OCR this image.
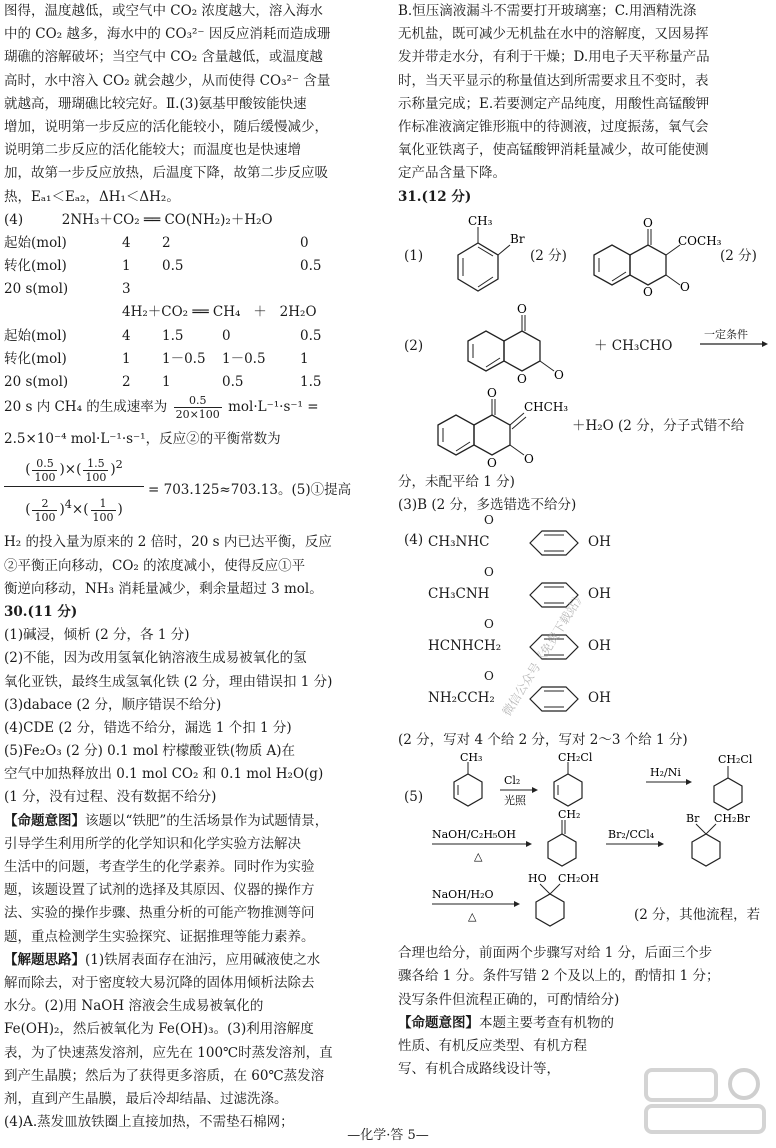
图得，温度越低，或空气中 CO₂ 浓度越大，溶入海水
中的 CO₂ 越多，海水中的 CO₃²⁻ 因反应消耗而造成珊
瑚礁的溶解破坏；当空气中 CO₂ 含量越低，或温度越
高时，水中溶入 CO₂ 就会越少，从而使得 CO₃²⁻ 含量
就越高，珊瑚礁比较完好。Ⅱ.(3)氨基甲酸铵能快速
增加，说明第一步反应的活化能较小，随后缓慢减少，
说明第二步反应的活化能较大；而温度也是快速增
加，故第一步反应放热，后温度下降，故第二步反应吸
热，Eₐ₁＜Eₐ₂，ΔH₁＜ΔH₂。
(4)         2NH₃＋CO₂ ══ CO(NH₂)₂＋H₂O
起始(mol)	4 2	0
转化(mol)	1 0.5	0.5
20 s(mol)	3
4H₂＋CO₂ ══ CH₄   ＋   2H₂O
起始(mol)	4 1.5	0	0.5
转化(mol)	1 1－0.5 1－0.5	1
20 s(mol)	2 1	0.5	1.5
20 s 内 CH₄ 的生成速率为 $\frac{0.5}{20\times 100} mol\cdot L^{-1}\cdot s^{-1}$ =
2.5×10⁻⁴ mol·L⁻¹·s⁻¹，反应②的平衡常数为
( $\frac{0.5}{100}$ )×( $\frac{1.5}{100} )^2$
( $\frac{2}{100} )^4\times( \frac{1}{100}$ )
= 703.125≈703.13。(5)①提高
H₂ 的投入量为原来的 2 倍时，20 s 内已达平衡，反应
②平衡正向移动，CO₂ 的浓度减小，使得反应①平
衡逆向移动，NH₃ 消耗量减少，剩余量超过 3 mol。
30.(11 分)
(1)碱浸，倾析 (2 分，各 1 分)
(2)不能，因为改用氢氧化钠溶液生成易被氧化的氢
氧化亚铁，最终生成氢氧化铁 (2 分，理由错误扣 1 分)
(3)dabace (2 分，顺序错误不给分)
(4)CDE (2 分，错选不给分，漏选 1 个扣 1 分)
(5)Fe₂O₃ (2 分) 0.1 mol 柠檬酸亚铁(物质 A)在
空气中加热释放出 0.1 mol CO₂ 和 0.1 mol H₂O(g)
(1 分，没有过程、没有数据不给分)
【命题意图】该题以“铁肥”的生活场景作为试题情景，
引导学生利用所学的化学知识和化学实验方法解决
生活中的问题，考查学生的化学素养。同时作为实验
题，该题设置了试剂的选择及其原因、仪器的操作方
法、实验的操作步骤、热重分析的可能产物推测等问
题，重点检测学生实验探究、证据推理等能力素养。
【解题思路】(1)铁屑表面存在油污，应用碱液使之水
解而除去，对于密度较大易沉降的固体用倾析法除去
水分。(2)用 NaOH 溶液会生成易被氧化的
Fe(OH)₂，然后被氧化为 Fe(OH)₃。(3)利用溶解度
表，为了快速蒸发溶剂，应先在 100℃时蒸发溶剂，直
到产生晶膜；然后为了获得更多溶质，在 60℃蒸发溶
剂，直到产生晶膜，最后冷却结晶、过滤洗涤。
(4)A.蒸发皿放铁圈上直接加热，不需垫石棉网；
B.恒压滴液漏斗不需要打开玻璃塞；C.用酒精洗涤
无机盐，既可减少无机盐在水中的溶解度，又因易挥
发并带走水分，有利于干燥；D.用电子天平称量产品
时，当天平显示的称量值达到所需要求且不变时，表
示称量完成；E.若要测定产品纯度，用酸性高锰酸钾
作标准液滴定锥形瓶中的待测液，过度振荡，氧气会
氧化亚铁离子，使高锰酸钾消耗量减少，故可能使测
定产品含量下降。
31.(12 分)
(1)
CH₃
Br
(2 分)
O
O
O
COCH₃
(2 分)
(2)
O
O
O
＋ CH₃CHO
一定条件
O
O
O
CHCH₃
＋H₂O (2 分，分子式错不给
分，未配平给 1 分)
(3)B (2 分，多选错选不给分)
(4) CH₃NHC
O
OH
CH₃CNH
O
OH
HCNHCH₂
O
OH
NH₂CCH₂
O
OH
(2 分，写对 4 个给 2 分，写对 2～3 个给 1 分)
(5)
CH₃
Cl₂
光照
CH₂Cl
H₂/Ni
CH₂Cl
NaOH/C₂H₅OH
△
CH₂
Br₂/CCl₄
Br CH₂Br
NaOH/H₂O
△
HO CH₂OH
(2 分，其他流程，若
合理也给分，前面两个步骤写对给 1 分，后面三个步
骤各给 1 分。条件写错 2 个及以上的，酌情扣 1 分；
没写条件但流程正确的，可酌情给分)
【命题意图】本题主要考查有机物的
性质、有机反应类型、有机方程
写、有机合成路线设计等，
微信公众号《免费下载站》
—化学·答 5—
